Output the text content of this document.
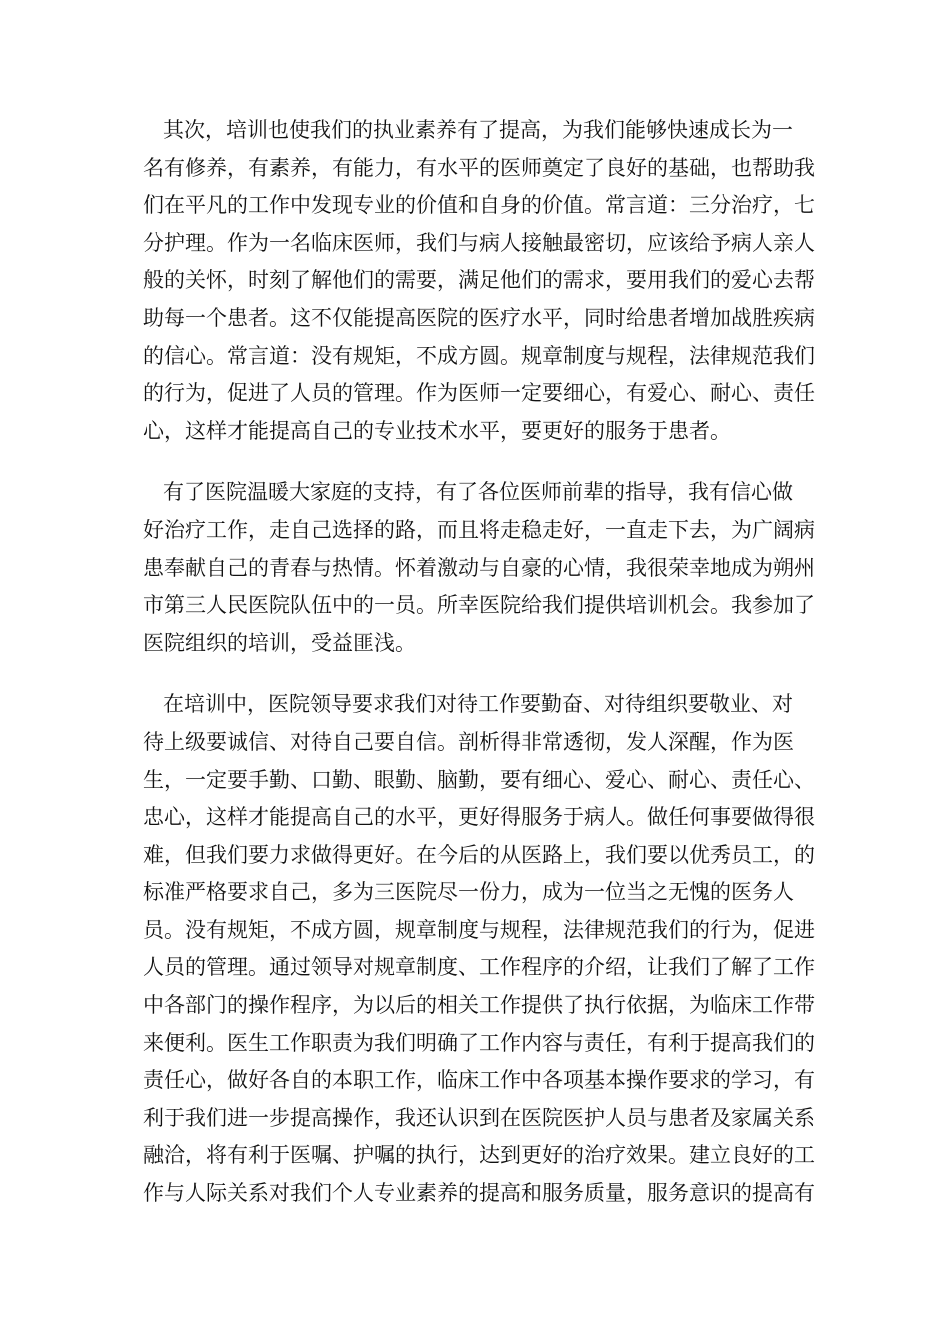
其次，培训也使我们的执业素养有了提高，为我们能够快速成长为一
名有修养，有素养，有能力，有水平的医师奠定了良好的基础，也帮助我
们在平凡的工作中发现专业的价值和自身的价值。常言道：三分治疗，七
分护理。作为一名临床医师，我们与病人接触最密切，应该给予病人亲人
般的关怀，时刻了解他们的需要，满足他们的需求，要用我们的爱心去帮
助每一个患者。这不仅能提高医院的医疗水平，同时给患者增加战胜疾病
的信心。常言道：没有规矩，不成方圆。规章制度与规程，法律规范我们
的行为，促进了人员的管理。作为医师一定要细心，有爱心、耐心、责任
心，这样才能提高自己的专业技术水平，要更好的服务于患者。

有了医院温暖大家庭的支持，有了各位医师前辈的指导，我有信心做
好治疗工作，走自己选择的路，而且将走稳走好，一直走下去，为广阔病
患奉献自己的青春与热情。怀着激动与自豪的心情，我很荣幸地成为朔州
市第三人民医院队伍中的一员。所幸医院给我们提供培训机会。我参加了
医院组织的培训，受益匪浅。

在培训中，医院领导要求我们对待工作要勤奋、对待组织要敬业、对
待上级要诚信、对待自己要自信。剖析得非常透彻，发人深醒，作为医
生，一定要手勤、口勤、眼勤、脑勤，要有细心、爱心、耐心、责任心、
忠心，这样才能提高自己的水平，更好得服务于病人。做任何事要做得很
难，但我们要力求做得更好。在今后的从医路上，我们要以优秀员工，的
标准严格要求自己，多为三医院尽一份力，成为一位当之无愧的医务人
员。没有规矩，不成方圆，规章制度与规程，法律规范我们的行为，促进
人员的管理。通过领导对规章制度、工作程序的介绍，让我们了解了工作
中各部门的操作程序，为以后的相关工作提供了执行依据，为临床工作带
来便利。医生工作职责为我们明确了工作内容与责任，有利于提高我们的
责任心，做好各自的本职工作，临床工作中各项基本操作要求的学习，有
利于我们进一步提高操作，我还认识到在医院医护人员与患者及家属关系
融洽，将有利于医嘱、护嘱的执行，达到更好的治疗效果。建立良好的工
作与人际关系对我们个人专业素养的提高和服务质量，服务意识的提高有
